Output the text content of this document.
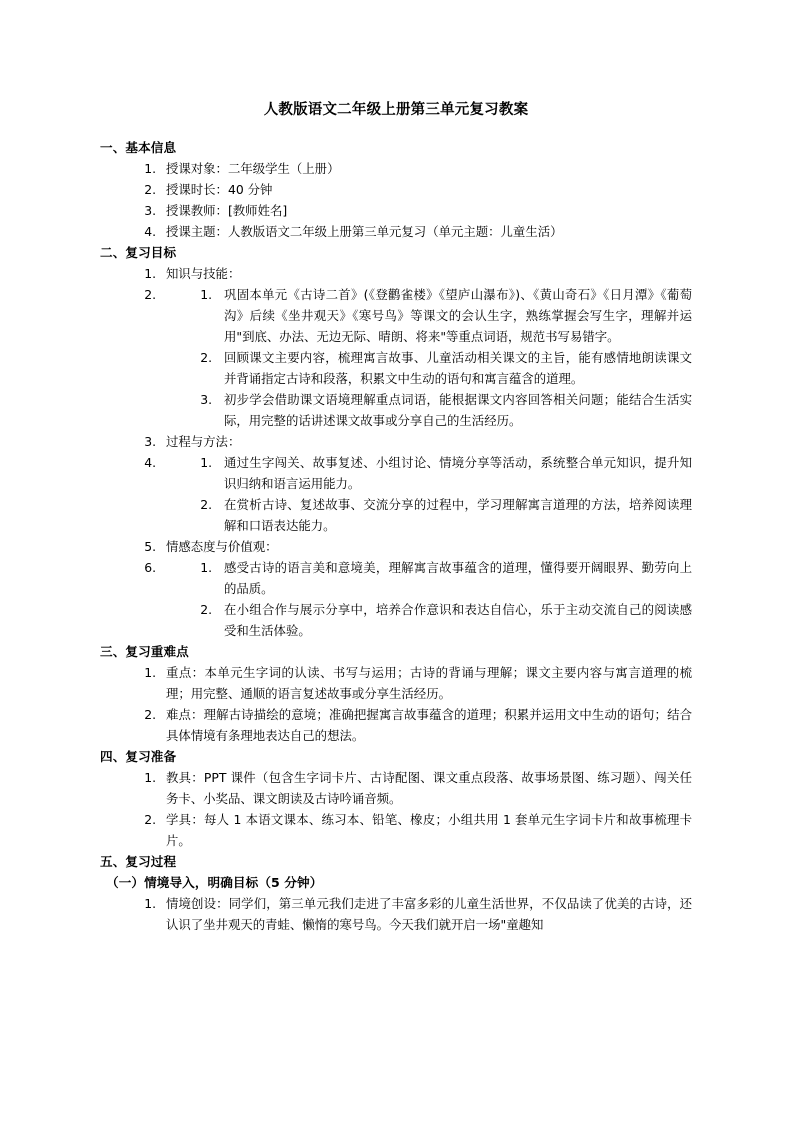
人教版语文二年级上册第三单元复习教案
一、基本信息
1. 授课对象：二年级学生（上册）
2. 授课时长：40 分钟
3. 授课教师：[教师姓名]
4. 授课主题：人教版语文二年级上册第三单元复习（单元主题：儿童生活）
二、复习目标
1. 知识与技能：
1. 2. 巩固本单元《古诗二首》(《登鹳雀楼》《望庐山瀑布》)、《黄山奇石》《日月潭》《葡萄沟》后续《坐井观天》《寒号鸟》等课文的会认生字，熟练掌握会写生字，理解并运用"到底、办法、无边无际、晴朗、将来"等重点词语，规范书写易错字。
2. 回顾课文主要内容，梳理寓言故事、儿童活动相关课文的主旨，能有感情地朗读课文并背诵指定古诗和段落，积累文中生动的语句和寓言蕴含的道理。
3. 初步学会借助课文语境理解重点词语，能根据课文内容回答相关问题；能结合生活实际，用完整的话讲述课文故事或分享自己的生活经历。
3. 过程与方法：
1. 4. 通过生字闯关、故事复述、小组讨论、情境分享等活动，系统整合单元知识，提升知识归纳和语言运用能力。
2. 在赏析古诗、复述故事、交流分享的过程中，学习理解寓言道理的方法，培养阅读理解和口语表达能力。
5. 情感态度与价值观：
1. 6. 感受古诗的语言美和意境美，理解寓言故事蕴含的道理，懂得要开阔眼界、勤劳向上的品质。
2. 在小组合作与展示分享中，培养合作意识和表达自信心，乐于主动交流自己的阅读感受和生活体验。
三、复习重难点
1. 重点：本单元生字词的认读、书写与运用；古诗的背诵与理解；课文主要内容与寓言道理的梳理；用完整、通顺的语言复述故事或分享生活经历。
2. 难点：理解古诗描绘的意境；准确把握寓言故事蕴含的道理；积累并运用文中生动的语句；结合具体情境有条理地表达自己的想法。
四、复习准备
1. 教具：PPT 课件（包含生字词卡片、古诗配图、课文重点段落、故事场景图、练习题）、闯关任务卡、小奖品、课文朗读及古诗吟诵音频。
2. 学具：每人 1 本语文课本、练习本、铅笔、橡皮；小组共用 1 套单元生字词卡片和故事梳理卡片。
五、复习过程
（一）情境导入，明确目标（5 分钟）
1. 情境创设：同学们，第三单元我们走进了丰富多彩的儿童生活世界，不仅品读了优美的古诗，还认识了坐井观天的青蛙、懒惰的寒号鸟。今天我们就开启一场"童趣知
